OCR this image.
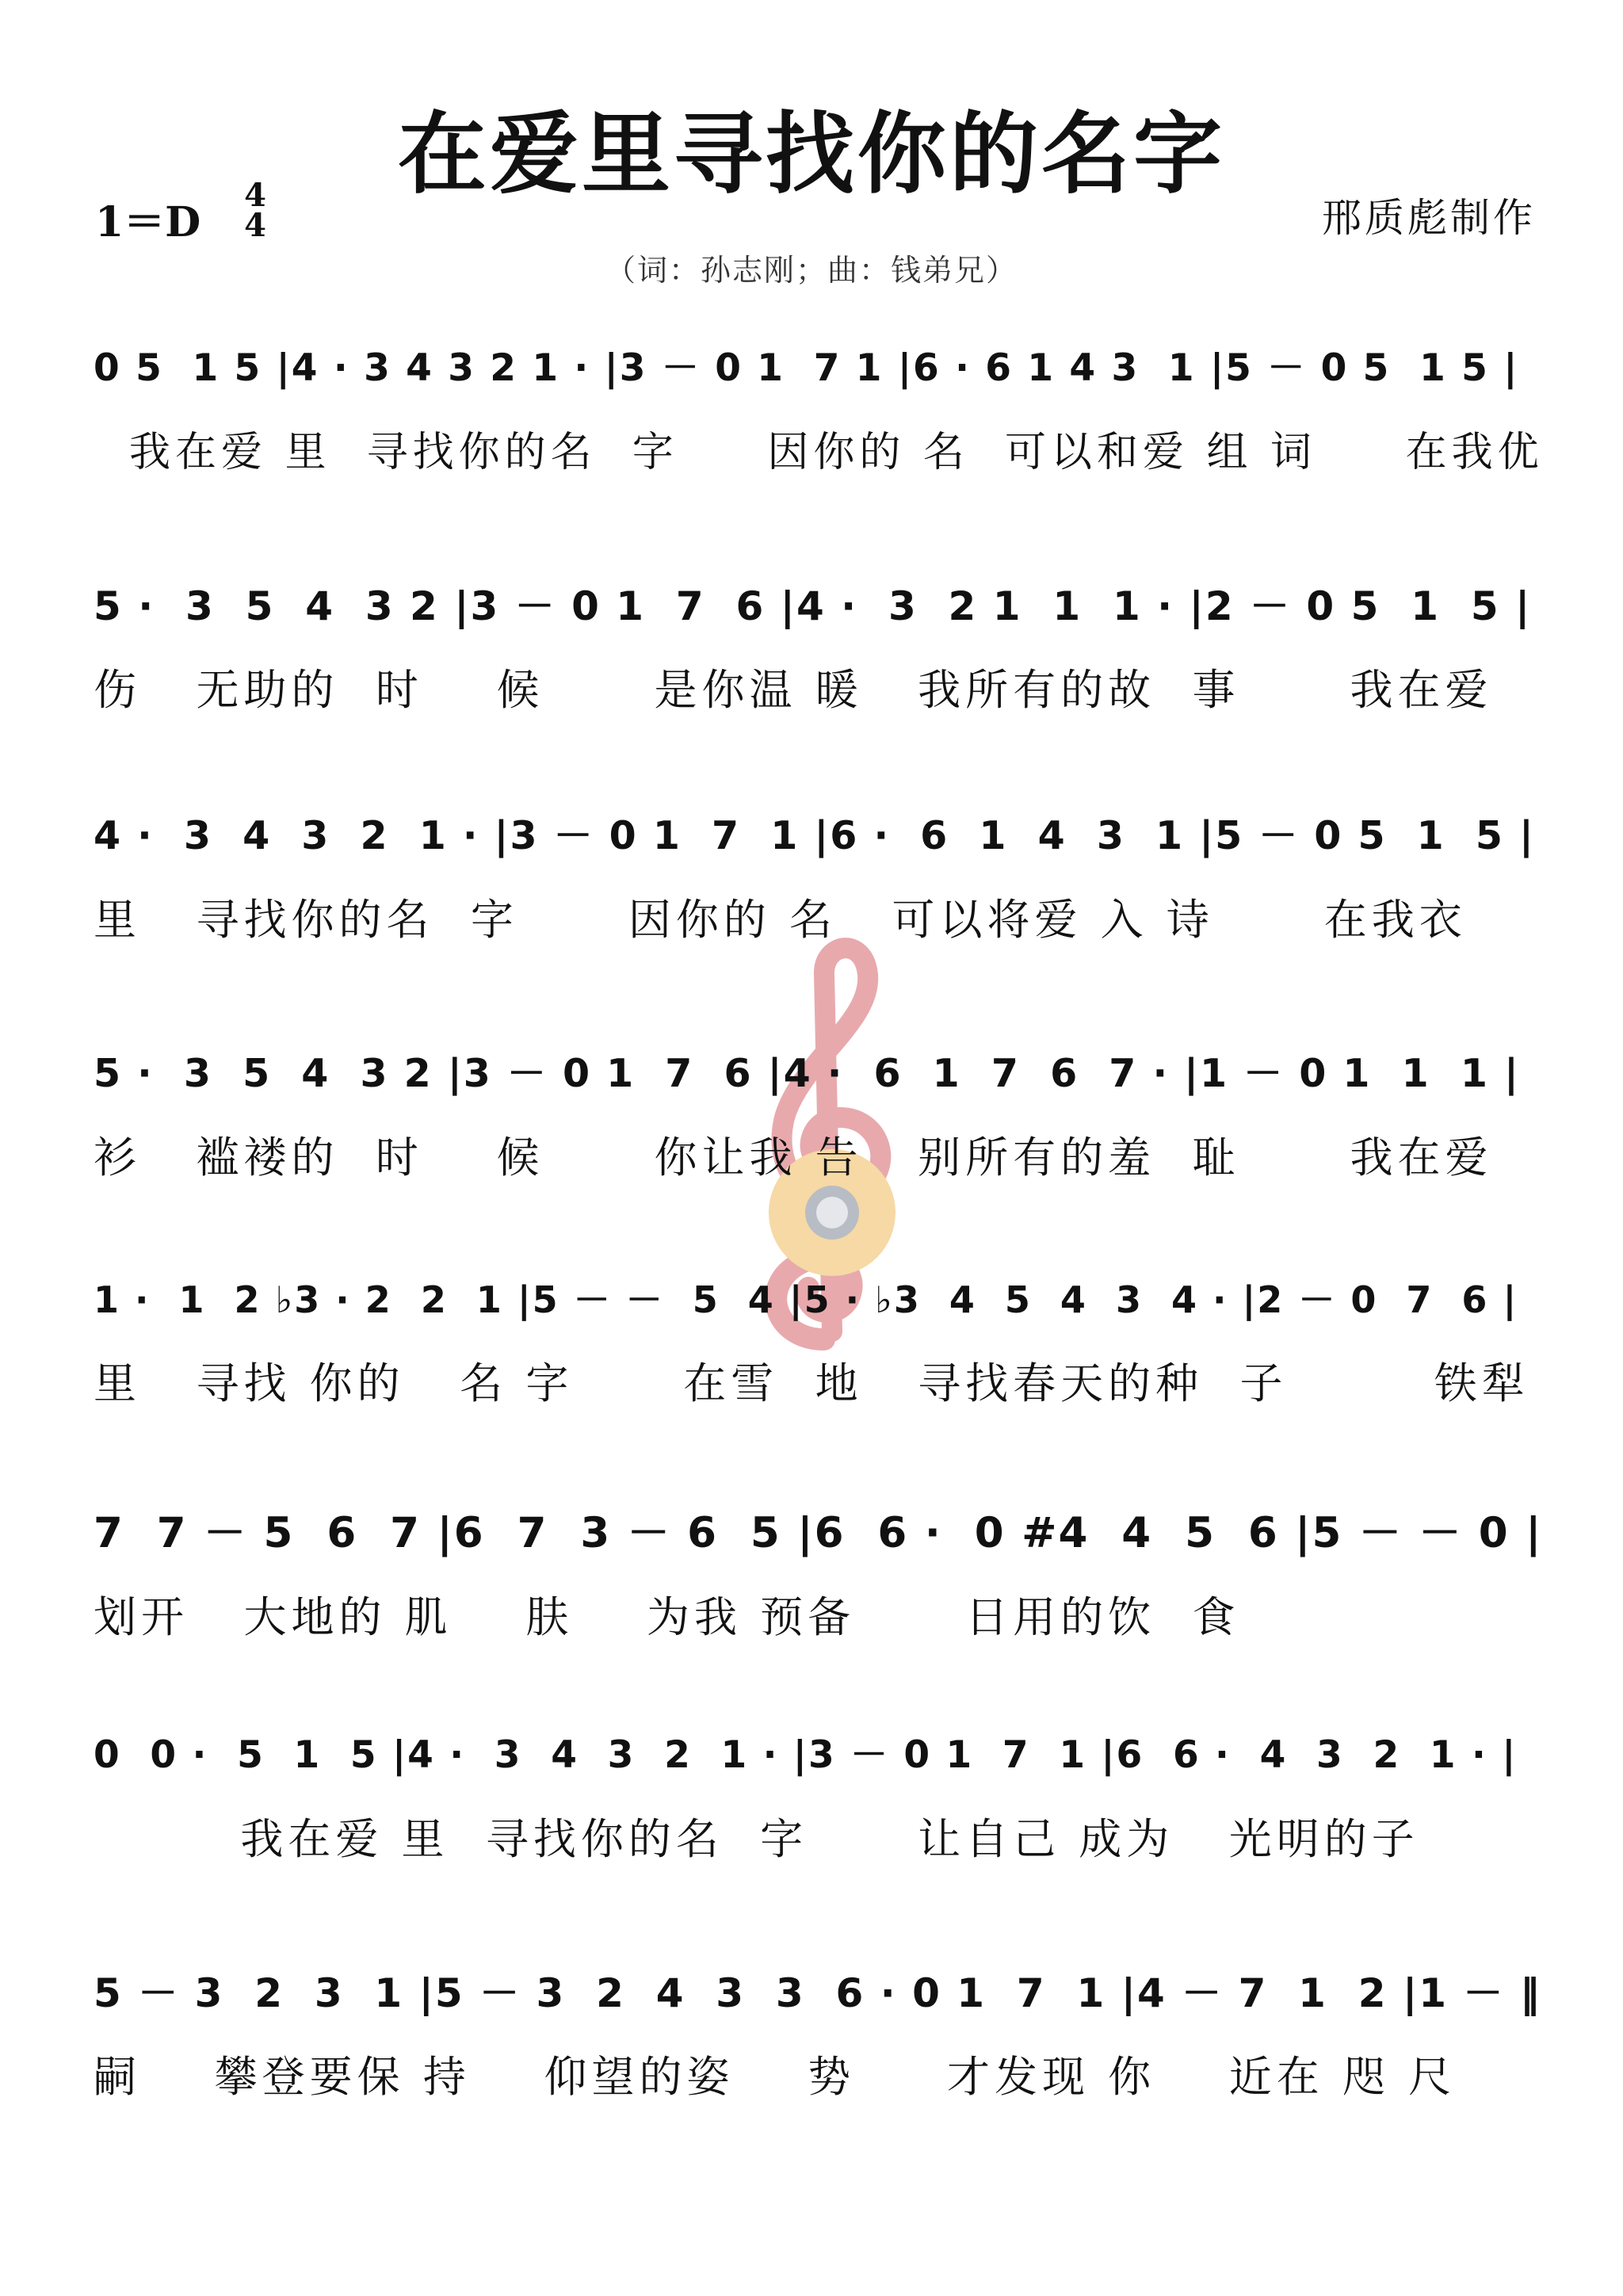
在爱里寻找你的名字
1＝D
4
4	邢质彪制作
（词：孙志刚；曲：钱弟兄）
0 5  1 5 |4 · 3 4 3 2 1 · |3 － 0 1  7 1 |6 · 6 1 4 3  1 |5 － 0 5  1 5 |
我在爱 里  寻找你的名  字     因你的 名  可以和爱 组 词     在我优
5 ·  3  5  4  3 2 |3 － 0 1  7  6 |4 ·  3  2 1  1  1 · |2 － 0 5  1  5 |
伤   无助的  时    候      是你温 暖   我所有的故  事      我在爱
4 ·  3  4  3  2  1 · |3 － 0 1  7  1 |6 ·  6  1  4  3  1 |5 － 0 5  1  5 |
里   寻找你的名  字      因你的 名   可以将爱 入 诗      在我衣
5 ·  3  5  4  3 2 |3 － 0 1  7  6 |4 ·  6  1  7  6  7 · |1 － 0 1  1  1 |
衫   褴褛的  时    候      你让我 告   别所有的羞  耻      我在爱
1 ·  1  2 ♭3 · 2  2  1 |5 － －  5  4 |5 · ♭3  4  5  4  3  4 · |2 － 0  7  6 |
里   寻找 你的   名 字      在雪  地   寻找春天的种  子        铁犁
7  7 － 5  6  7 |6  7  3 － 6  5 |6  6 ·  0 #4  4  5  6 |5 － － 0 |
划开   大地的 肌    肤    为我 预备      日用的饮  食
0  0 ·  5  1  5 |4 ·  3  4  3  2  1 · |3 － 0 1  7  1 |6  6 ·  4  3  2  1 · |
我在爱 里  寻找你的名  字      让自己 成为   光明的子
5 － 3  2  3  1 |5 － 3  2  4  3  3  6 · 0 1  7  1 |4 － 7  1  2 |1 － ‖
嗣    攀登要保 持    仰望的姿    势     才发现 你    近在 咫 尺
